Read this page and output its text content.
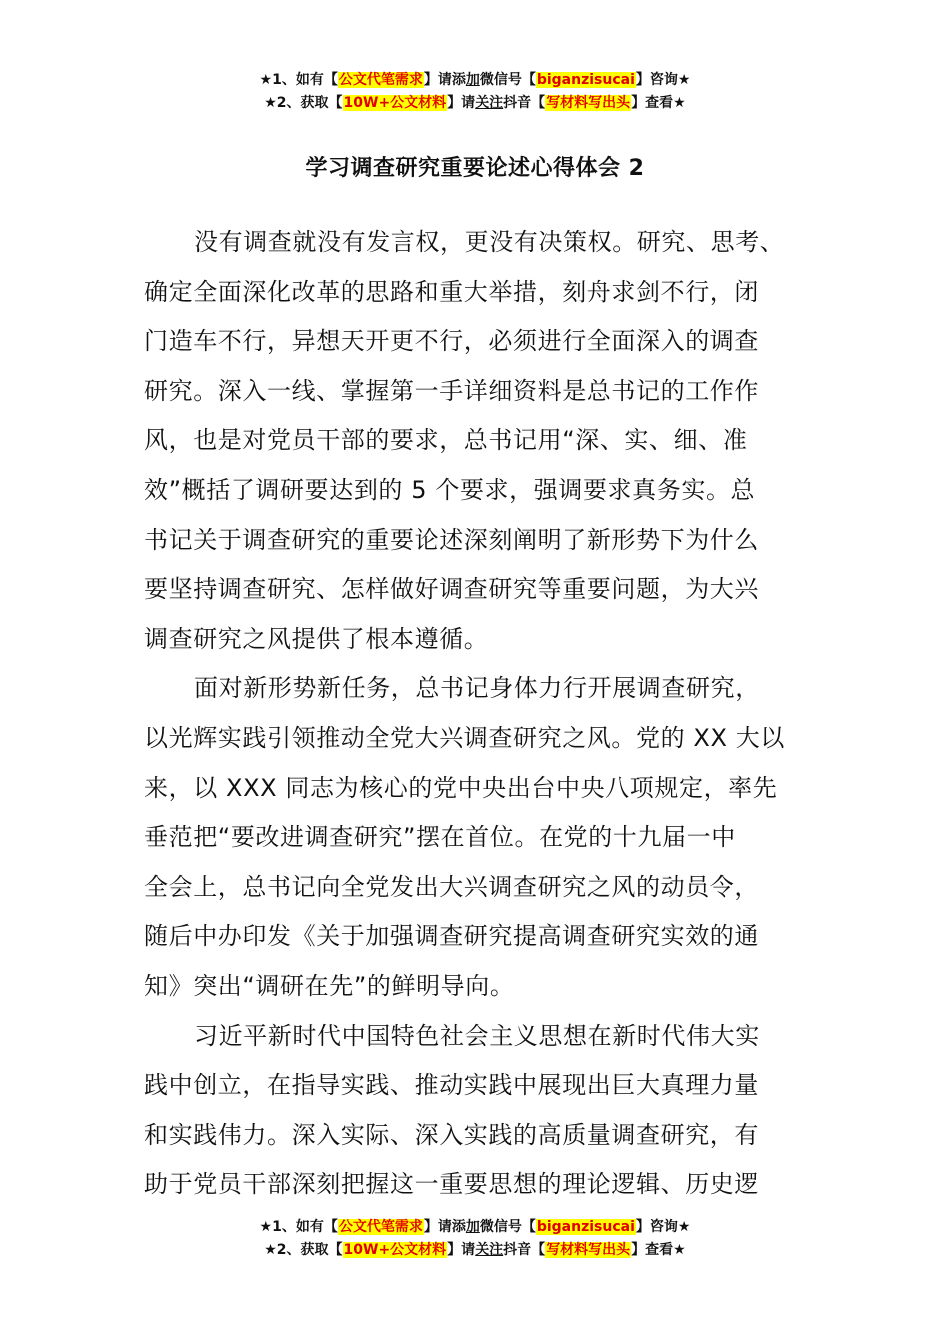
★1、如有【公文代笔需求】请添加微信号【biganzisucai】咨询★
★2、获取【10W+公文材料】请关注抖音【写材料写出头】查看★
学习调查研究重要论述心得体会 2
没有调查就没有发言权，更没有决策权。研究、思考、
确定全面深化改革的思路和重大举措，刻舟求剑不行，闭
门造车不行，异想天开更不行，必须进行全面深入的调查
研究。深入一线、掌握第一手详细资料是总书记的工作作
风，也是对党员干部的要求，总书记用“深、实、细、准
效”概括了调研要达到的 5 个要求，强调要求真务实。总
书记关于调查研究的重要论述深刻阐明了新形势下为什么
要坚持调查研究、怎样做好调查研究等重要问题，为大兴
调查研究之风提供了根本遵循。
面对新形势新任务，总书记身体力行开展调查研究，
以光辉实践引领推动全党大兴调查研究之风。党的 XX 大以
来，以 XXX 同志为核心的党中央出台中央八项规定，率先
垂范把“要改进调查研究”摆在首位。在党的十九届一中
全会上，总书记向全党发出大兴调查研究之风的动员令，
随后中办印发《关于加强调查研究提高调查研究实效的通
知》突出“调研在先”的鲜明导向。
习近平新时代中国特色社会主义思想在新时代伟大实
践中创立，在指导实践、推动实践中展现出巨大真理力量
和实践伟力。深入实际、深入实践的高质量调查研究，有
助于党员干部深刻把握这一重要思想的理论逻辑、历史逻
★1、如有【公文代笔需求】请添加微信号【biganzisucai】咨询★
★2、获取【10W+公文材料】请关注抖音【写材料写出头】查看★
